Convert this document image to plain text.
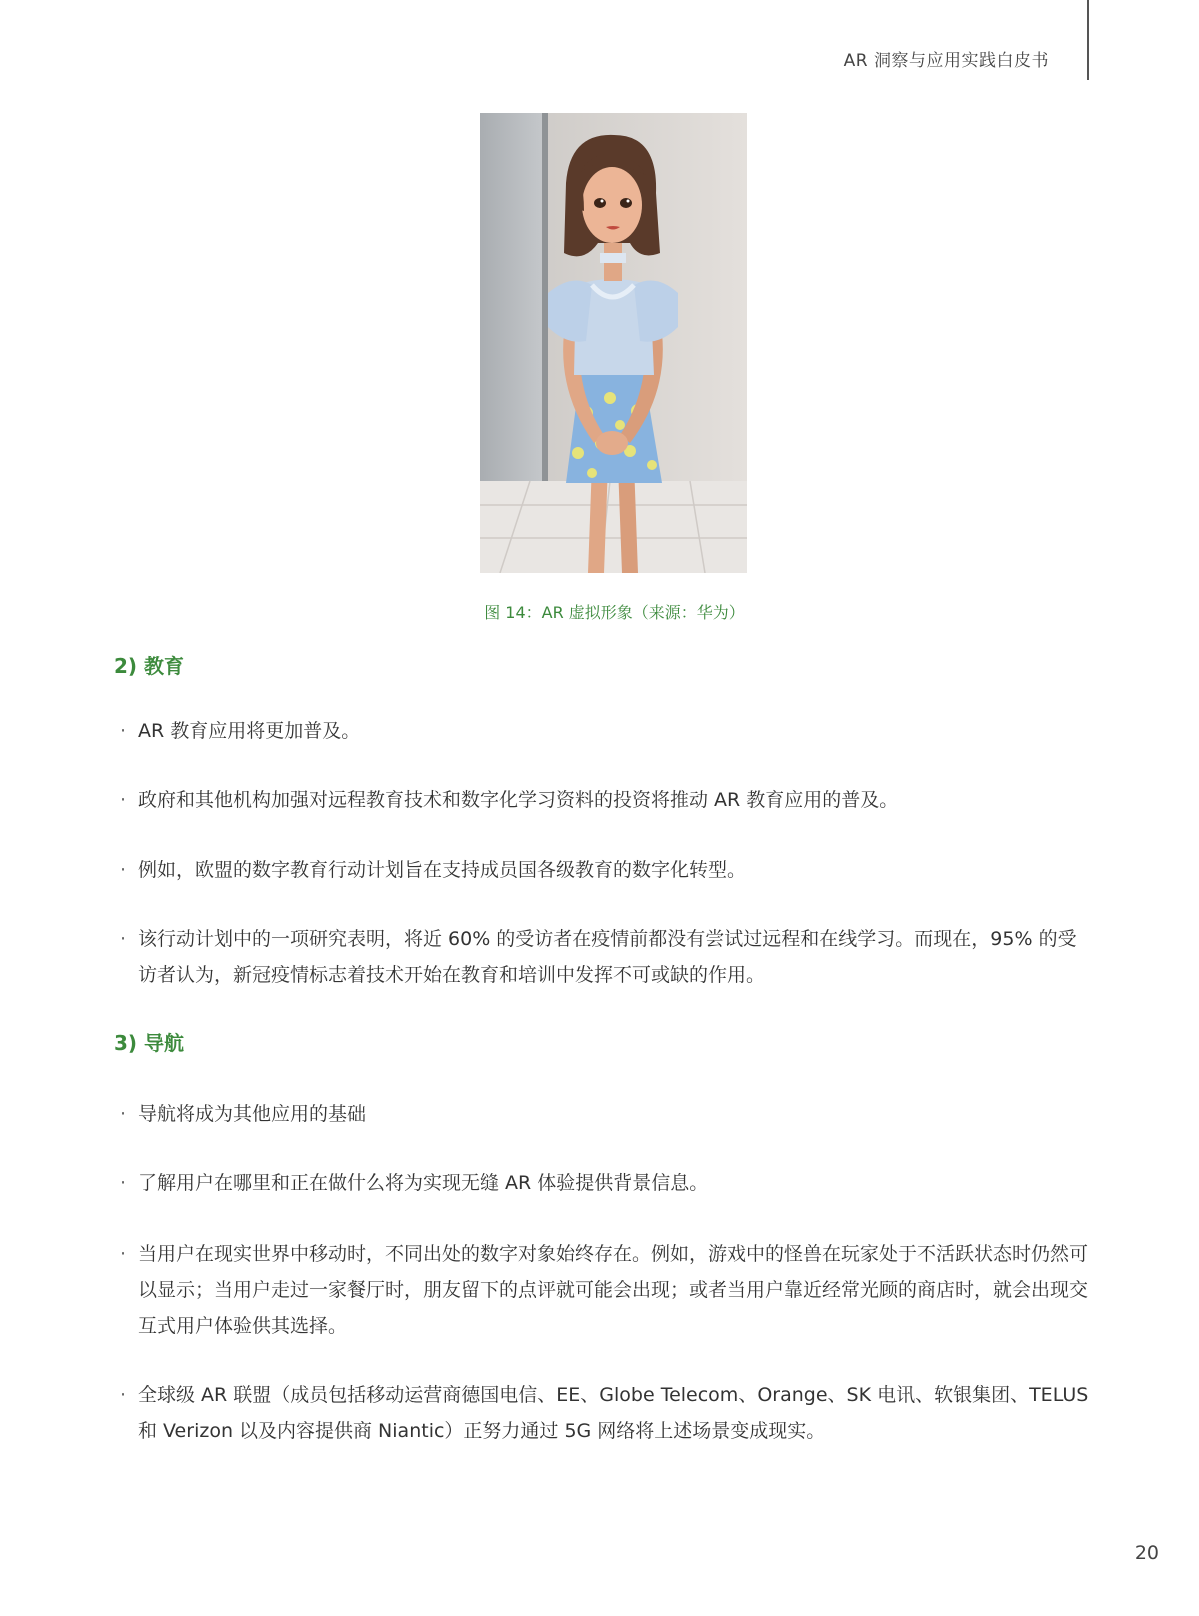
AR 洞察与应用实践白皮书
图 14：AR 虚拟形象（来源：华为）
2) 教育
· AR 教育应用将更加普及。
· 政府和其他机构加强对远程教育技术和数字化学习资料的投资将推动 AR 教育应用的普及。
· 例如，欧盟的数字教育行动计划旨在支持成员国各级教育的数字化转型。
· 该行动计划中的一项研究表明，将近 60% 的受访者在疫情前都没有尝试过远程和在线学习。而现在，95% 的受访者认为，新冠疫情标志着技术开始在教育和培训中发挥不可或缺的作用。
3) 导航
· 导航将成为其他应用的基础
· 了解用户在哪里和正在做什么将为实现无缝 AR 体验提供背景信息。
· 当用户在现实世界中移动时，不同出处的数字对象始终存在。例如，游戏中的怪兽在玩家处于不活跃状态时仍然可以显示；当用户走过一家餐厅时，朋友留下的点评就可能会出现；或者当用户靠近经常光顾的商店时，就会出现交互式用户体验供其选择。
· 全球级 AR 联盟（成员包括移动运营商德国电信、EE、Globe Telecom、Orange、SK 电讯、软银集团、TELUS 和 Verizon 以及内容提供商 Niantic）正努力通过 5G 网络将上述场景变成现实。
20
